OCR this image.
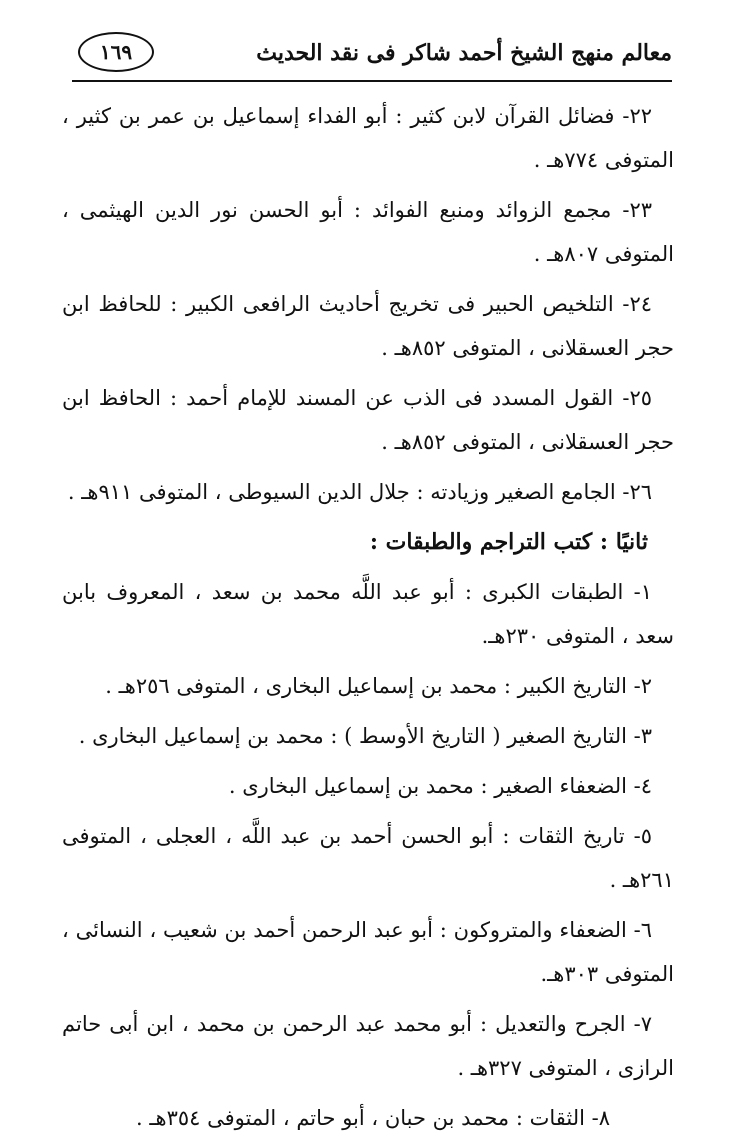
معالم منهج الشيخ أحمد شاكر فى نقد الحديث
١٦٩

٢٢- فضائل القرآن لابن كثير : أبو الفداء إسماعيل بن عمر بن كثير ، المتوفى ٧٧٤هـ .

٢٣- مجمع الزوائد ومنبع الفوائد : أبو الحسن نور الدين الهيثمى ، المتوفى ٨٠٧هـ .

٢٤- التلخيص الحبير فى تخريج أحاديث الرافعى الكبير : للحافظ ابن حجر العسقلانى ، المتوفى ٨٥٢هـ .

٢٥- القول المسدد فى الذب عن المسند للإمام أحمد : الحافظ ابن حجر العسقلانى ، المتوفى ٨٥٢هـ .

٢٦- الجامع الصغير وزيادته : جلال الدين السيوطى ، المتوفى ٩١١هـ .

ثانيًا : كتب التراجم والطبقات :

١- الطبقات الكبرى : أبو عبد اللَّه محمد بن سعد ، المعروف بابن سعد ، المتوفى ٢٣٠هـ.

٢- التاريخ الكبير : محمد بن إسماعيل البخارى ، المتوفى ٢٥٦هـ .

٣- التاريخ الصغير ( التاريخ الأوسط ) : محمد بن إسماعيل البخارى .

٤- الضعفاء الصغير : محمد بن إسماعيل البخارى .

٥- تاريخ الثقات : أبو الحسن أحمد بن عبد اللَّه ، العجلى ، المتوفى ٢٦١هـ .

٦- الضعفاء والمتروكون : أبو عبد الرحمن أحمد بن شعيب ، النسائى ، المتوفى ٣٠٣هـ.

٧- الجرح والتعديل : أبو محمد عبد الرحمن بن محمد ، ابن أبى حاتم الرازى ، المتوفى ٣٢٧هـ .

٨- الثقات : محمد بن حبان ، أبو حاتم ، المتوفى ٣٥٤هـ .
